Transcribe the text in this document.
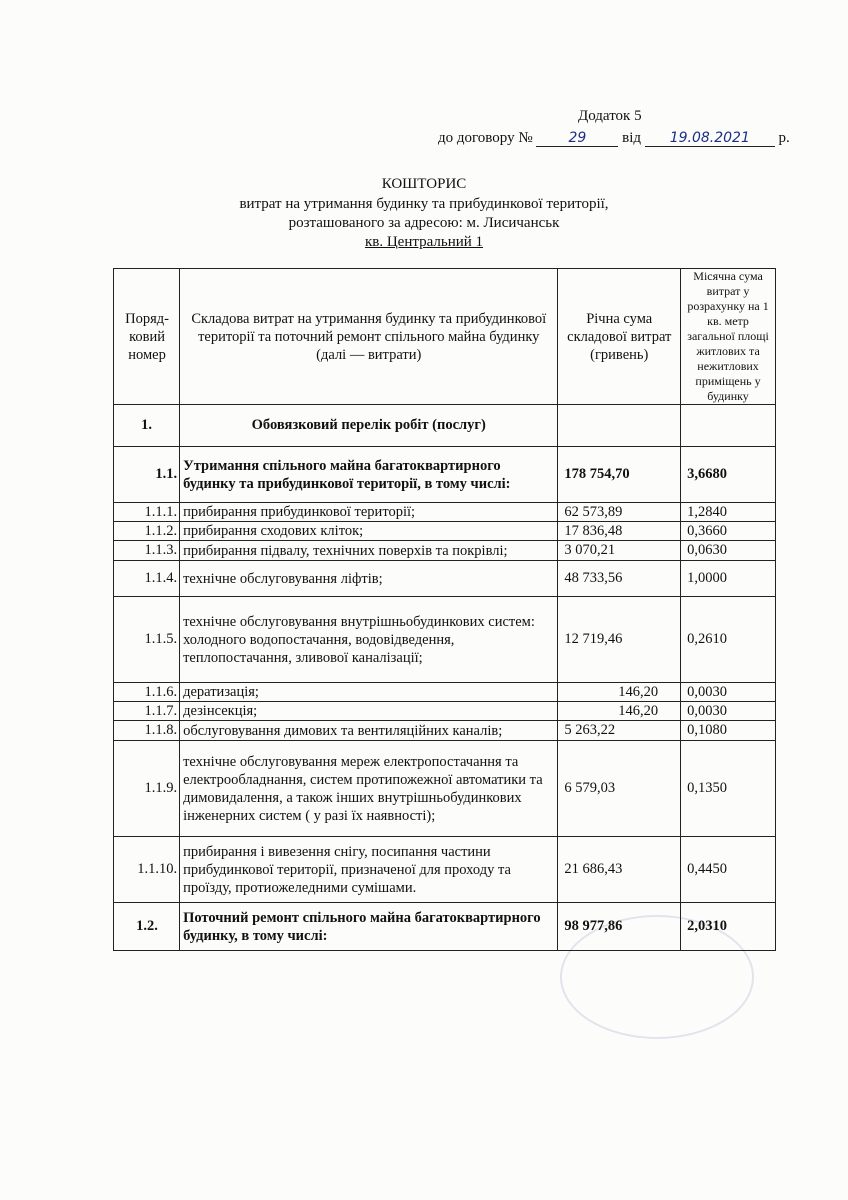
Додаток 5
до договору №	29 від 19.08.2021 р.
КОШТОРИС
витрат на утримання будинку та прибудинкової території,
розташованого за адресою: м. Лисичанськ
кв. Центральний 1
Поряд-ковий номер	Складова витрат на утримання будинку та прибудинкової території та поточний ремонт спільного майна будинку (далі — витрати)	Річна сума складової витрат (гривень)	Місячна сума витрат у розрахунку на 1 кв. метр загальної площі житлових та нежитлових приміщень у будинку
1.	Обовязковий перелік робіт (послуг)		
1.1.	Утримання спільного майна багатоквартирного будинку та прибудинкової території, в тому числі:	178 754,70	3,6680
1.1.1.	прибирання прибудинкової території;	62 573,89	1,2840
1.1.2.	прибирання сходових кліток;	17 836,48	0,3660
1.1.3.	прибирання підвалу, технічних поверхів та покрівлі;	3 070,21	0,0630
1.1.4.	технічне обслуговування ліфтів;	48 733,56	1,0000
1.1.5.	технічне обслуговування внутрішньобудинкових систем: холодного водопостачання, водовідведення, теплопостачання, зливової каналізації;	12 719,46	0,2610
1.1.6.	дератизація;	146,20	0,0030
1.1.7.	дезінсекція;	146,20	0,0030
1.1.8.	обслуговування димових та вентиляційних каналів;	5 263,22	0,1080
1.1.9.	технічне обслуговування мереж електропостачання та електрообладнання, систем протипожежної автоматики та димовидалення, а також інших внутрішньобудинкових інженерних систем ( у разі їх наявності);	6 579,03	0,1350
1.1.10.	прибирання і вивезення снігу, посипання частини прибудинкової території, призначеної для проходу та проїзду, протиожеледними сумішами.	21 686,43	0,4450
1.2.	Поточний ремонт спільного майна багатоквартирного будинку, в тому числі:	98 977,86	2,0310
